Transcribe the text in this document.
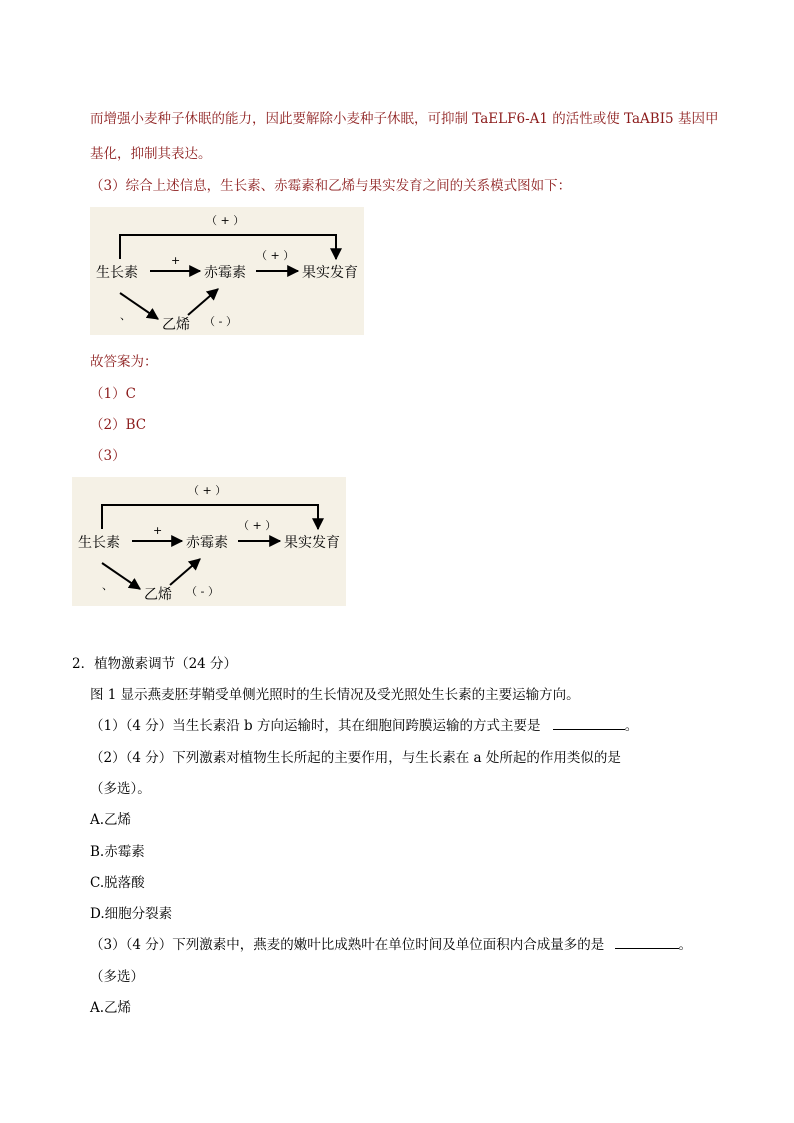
而增强小麦种子休眠的能力，因此要解除小麦种子休眠，可抑制 TaELF6-A1 的活性或使 TaABI5 基因甲
基化，抑制其表达。
（3）综合上述信息，生长素、赤霉素和乙烯与果实发育之间的关系模式图如下：
（ + ）
生长素	赤霉素	果实发育
乙烯
+	（ + ）
、	（ - ）
故答案为：
（1）C
（2）BC
（3）
（ + ）
生长素	赤霉素	果实发育
乙烯
+	（ + ）
、	（ - ）
2．植物激素调节（24 分）
图 1 显示燕麦胚芽鞘受单侧光照时的生长情况及受光照处生长素的主要运输方向。
（1）（4 分）当生长素沿 b 方向运输时，其在细胞间跨膜运输的方式主要是	。
（2）（4 分）下列激素对植物生长所起的主要作用，与生长素在 a 处所起的作用类似的是
（多选）。
A.乙烯
B.赤霉素
C.脱落酸
D.细胞分裂素
（3）（4 分）下列激素中，燕麦的嫩叶比成熟叶在单位时间及单位面积内合成量多的是	。
（多选）
A.乙烯
